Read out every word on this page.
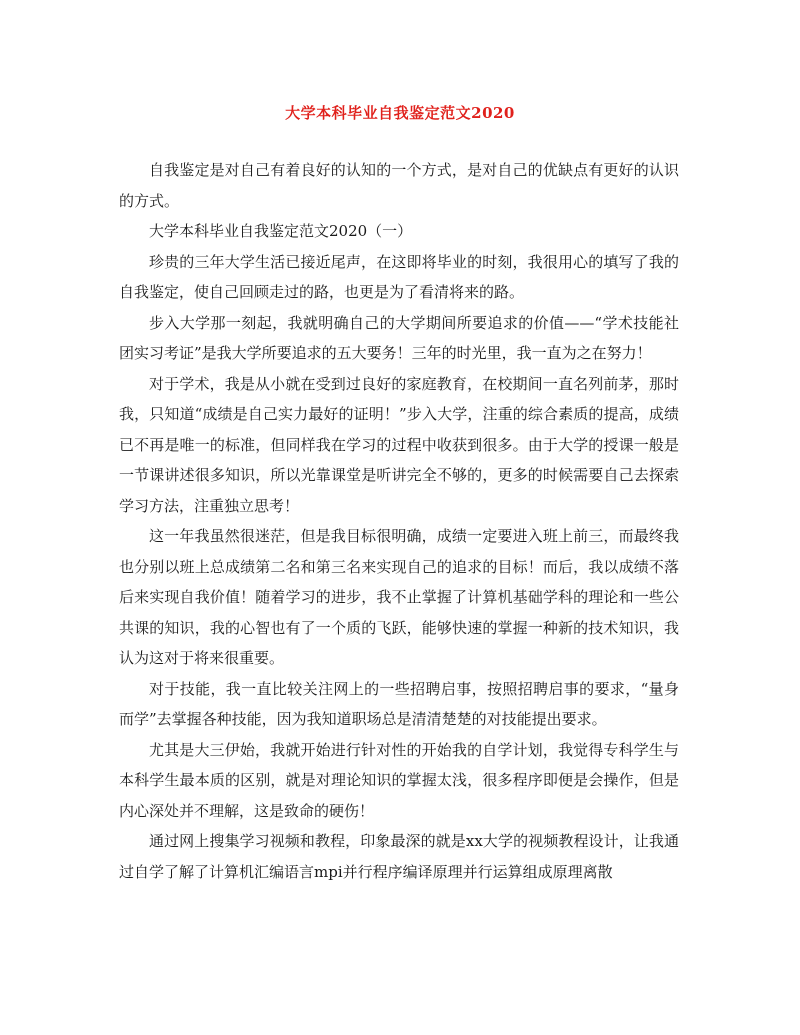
大学本科毕业自我鉴定范文2020

自我鉴定是对自己有着良好的认知的一个方式，是对自己的优缺点有更好的认识的方式。

大学本科毕业自我鉴定范文2020（一）

珍贵的三年大学生活已接近尾声，在这即将毕业的时刻，我很用心的填写了我的自我鉴定，使自己回顾走过的路，也更是为了看清将来的路。

步入大学那一刻起，我就明确自己的大学期间所要追求的价值——“学术技能社团实习考证”是我大学所要追求的五大要务！三年的时光里，我一直为之在努力！

对于学术，我是从小就在受到过良好的家庭教育，在校期间一直名列前茅，那时我，只知道“成绩是自己实力最好的证明！”步入大学，注重的综合素质的提高，成绩已不再是唯一的标准，但同样我在学习的过程中收获到很多。由于大学的授课一般是一节课讲述很多知识，所以光靠课堂是听讲完全不够的，更多的时候需要自己去探索学习方法，注重独立思考！

这一年我虽然很迷茫，但是我目标很明确，成绩一定要进入班上前三，而最终我也分别以班上总成绩第二名和第三名来实现自己的追求的目标！而后，我以成绩不落后来实现自我价值！随着学习的进步，我不止掌握了计算机基础学科的理论和一些公共课的知识，我的心智也有了一个质的飞跃，能够快速的掌握一种新的技术知识，我认为这对于将来很重要。

对于技能，我一直比较关注网上的一些招聘启事，按照招聘启事的要求，“量身而学”去掌握各种技能，因为我知道职场总是清清楚楚的对技能提出要求。

尤其是大三伊始，我就开始进行针对性的开始我的自学计划，我觉得专科学生与本科学生最本质的区别，就是对理论知识的掌握太浅，很多程序即便是会操作，但是内心深处并不理解，这是致命的硬伤！

通过网上搜集学习视频和教程，印象最深的就是xx大学的视频教程设计，让我通过自学了解了计算机汇编语言mpi并行程序编译原理并行运算组成原理离散
